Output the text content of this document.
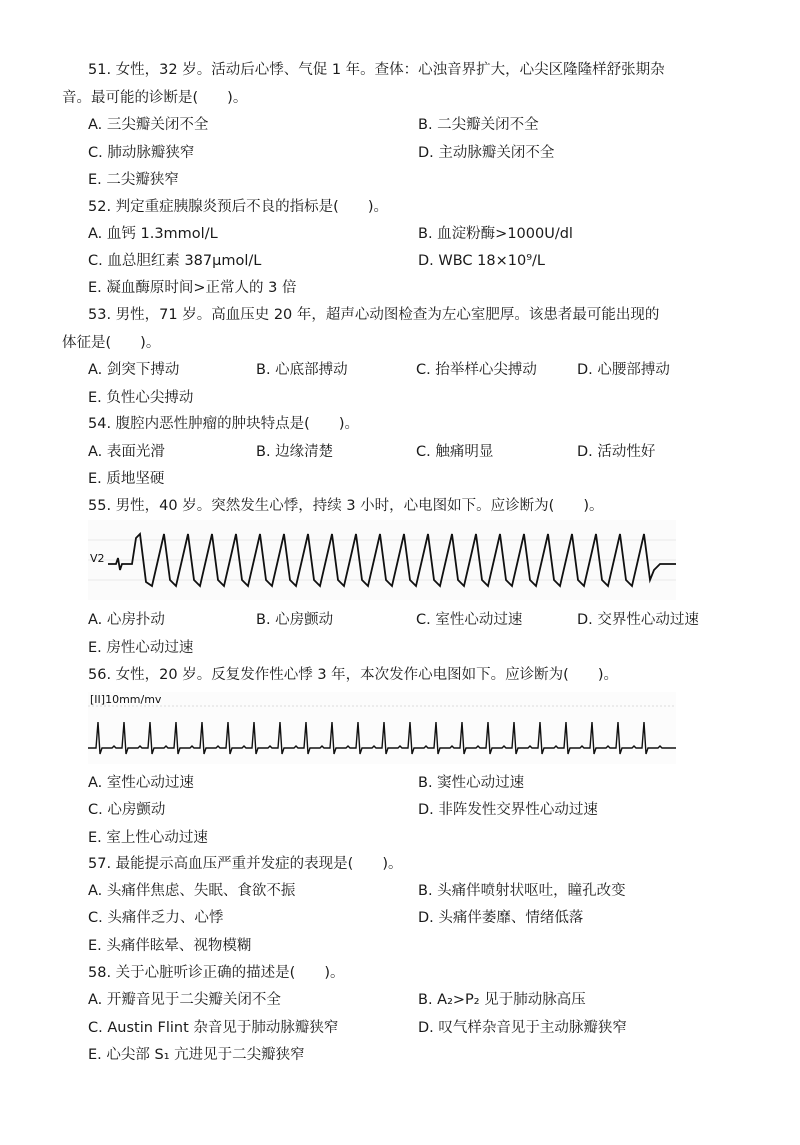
51. 女性，32 岁。活动后心悸、气促 1 年。查体：心浊音界扩大，心尖区隆隆样舒张期杂
音。最可能的诊断是(　　)。
A. 三尖瓣关闭不全	B. 二尖瓣关闭不全
C. 肺动脉瓣狭窄	D. 主动脉瓣关闭不全
E. 二尖瓣狭窄
52. 判定重症胰腺炎预后不良的指标是(　　)。
A. 血钙 1.3mmol/L	B. 血淀粉酶>1000U/dl
C. 血总胆红素 387μmol/L	D. WBC 18×10⁹/L
E. 凝血酶原时间>正常人的 3 倍
53. 男性，71 岁。高血压史 20 年，超声心动图检查为左心室肥厚。该患者最可能出现的
体征是(　　)。
A. 剑突下搏动	B. 心底部搏动	C. 抬举样心尖搏动	D. 心腰部搏动
E. 负性心尖搏动
54. 腹腔内恶性肿瘤的肿块特点是(　　)。
A. 表面光滑	B. 边缘清楚	C. 触痛明显	D. 活动性好
E. 质地坚硬
55. 男性，40 岁。突然发生心悸，持续 3 小时，心电图如下。应诊断为(　　)。
V2
A. 心房扑动	B. 心房颤动	C. 室性心动过速	D. 交界性心动过速
E. 房性心动过速
56. 女性，20 岁。反复发作性心悸 3 年，本次发作心电图如下。应诊断为(　　)。
[II]10mm/mv
A. 室性心动过速	B. 窦性心动过速
C. 心房颤动	D. 非阵发性交界性心动过速
E. 室上性心动过速
57. 最能提示高血压严重并发症的表现是(　　)。
A. 头痛伴焦虑、失眠、食欲不振	B. 头痛伴喷射状呕吐，瞳孔改变
C. 头痛伴乏力、心悸	D. 头痛伴萎靡、情绪低落
E. 头痛伴眩晕、视物模糊
58. 关于心脏听诊正确的描述是(　　)。
A. 开瓣音见于二尖瓣关闭不全	B. A₂>P₂ 见于肺动脉高压
C. Austin Flint 杂音见于肺动脉瓣狭窄	D. 叹气样杂音见于主动脉瓣狭窄
E. 心尖部 S₁ 亢进见于二尖瓣狭窄
